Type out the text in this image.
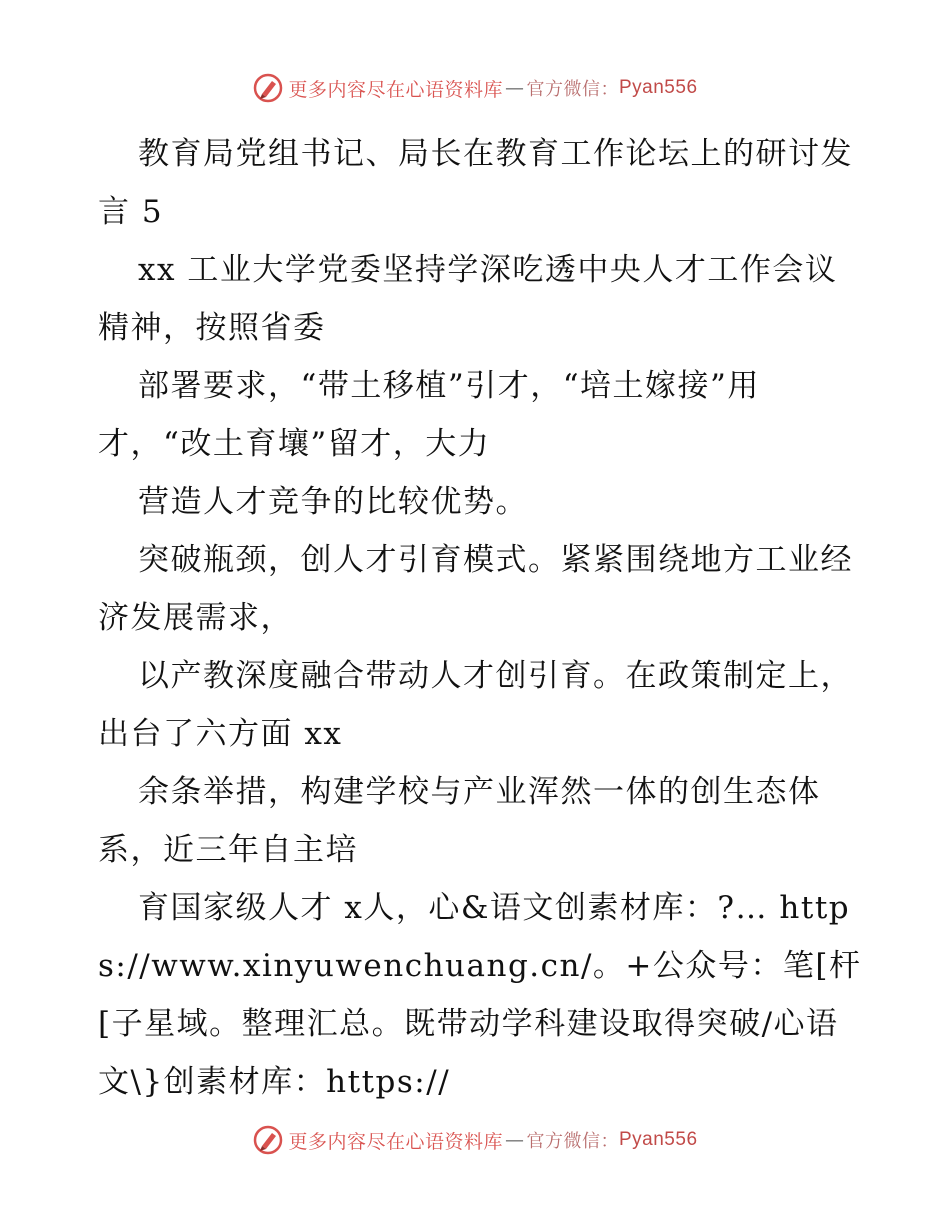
更多内容尽在心语资料库 — 官方微信： Pyan556

教育局党组书记、局长在教育工作论坛上的研讨发言 5

xx 工业大学党委坚持学深吃透中央人才工作会议精神，按照省委

部署要求，“带土移植”引才，“培土嫁接”用才，“改土育壤”留才，大力

营造人才竞争的比较优势。

突破瓶颈，创人才引育模式。紧紧围绕地方工业经济发展需求，

以产教深度融合带动人才创引育。在政策制定上，出台了六方面 xx

余条举措，构建学校与产业浑然一体的创生态体系，近三年自主培

育国家级人才 x人，心&语文创素材库：?… https://www.xinyuwenchuang.cn/。+公众号：笔[杆[子星域。整理汇总。既带动学科建设取得突破/心语文\}创素材库：https://

更多内容尽在心语资料库 — 官方微信： Pyan556
